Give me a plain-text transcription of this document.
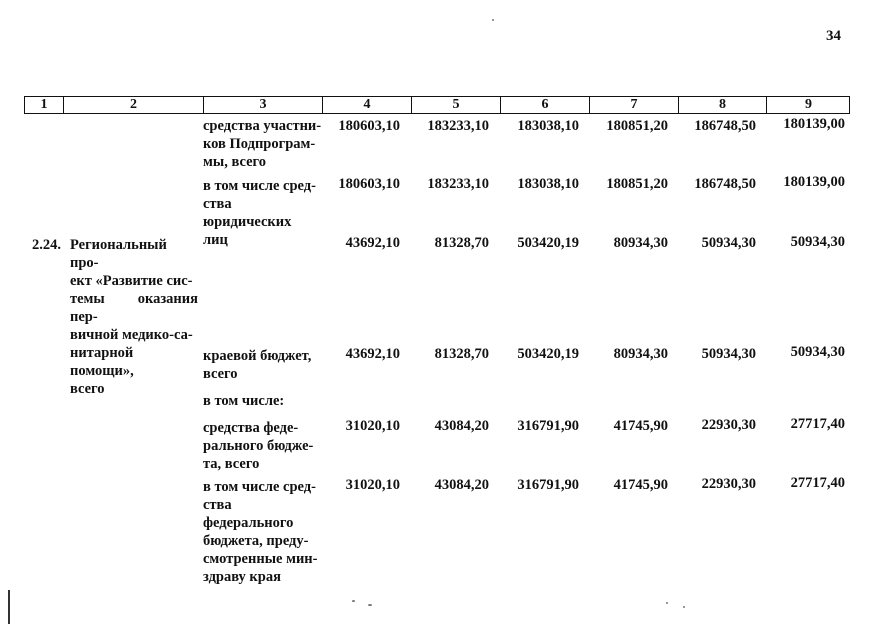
34
1	2	3	4	5	6	7	8	9
средства участни-
ков Подпрограм-
мы, всего
180603,10 183233,10 183038,10 180851,20 186748,50 180139,00
в том числе сред-
ства юридических
лиц
180603,10 183233,10 183038,10 180851,20 186748,50 180139,00
2.24. Региональный про-
ект «Развитие сис-
темы оказания пер-
вичной медико-са-
нитарной помощи»,
всего
43692,10 81328,70 503420,19 80934,30 50934,30 50934,30
краевой бюджет,
всего
43692,10 81328,70 503420,19 80934,30 50934,30 50934,30
в том числе:
средства феде-
рального бюдже-
та, всего
31020,10 43084,20 316791,90 41745,90 22930,30 27717,40
в том числе сред-
ства федерального
бюджета, преду-
смотренные мин-
здраву края
31020,10 43084,20 316791,90 41745,90 22930,30 27717,40
